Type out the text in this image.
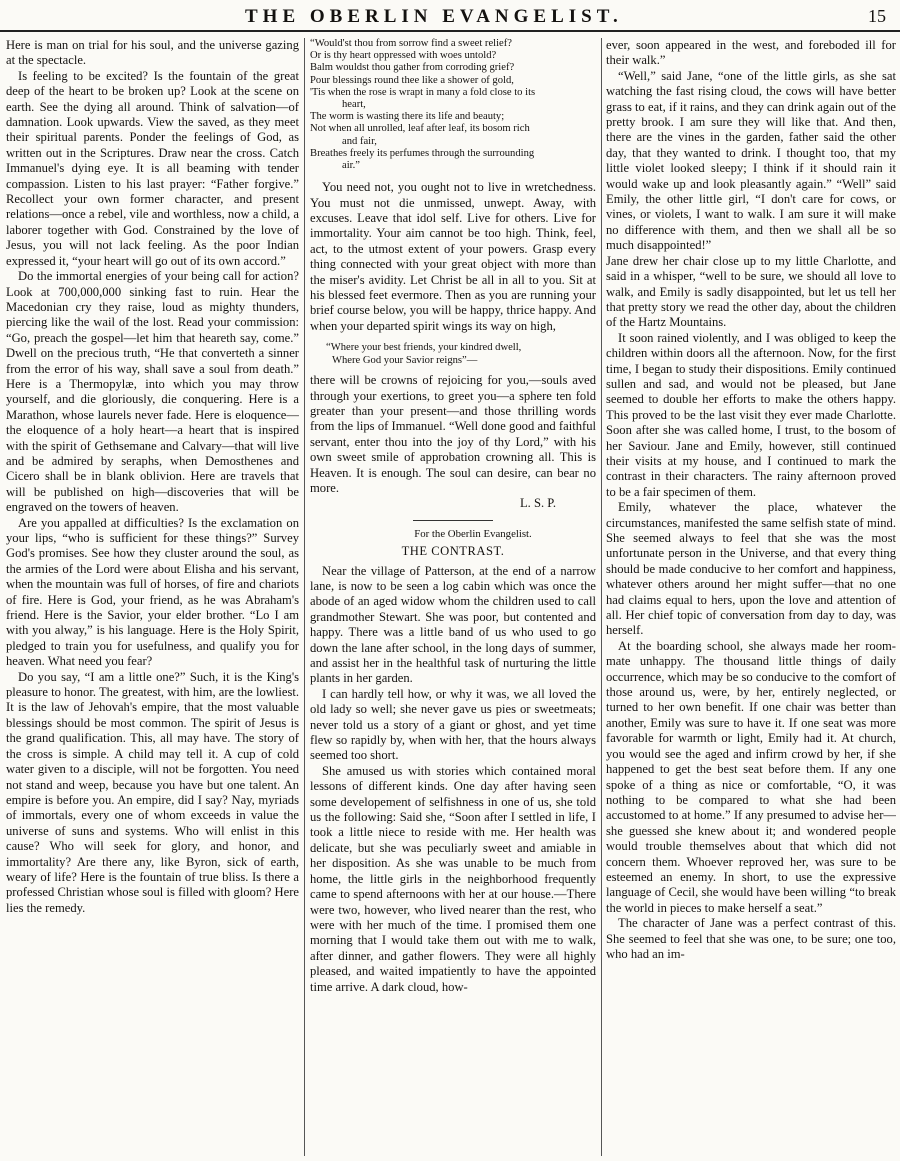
THE OBERLIN EVANGELIST.	15

Here is man on trial for his soul, and the universe gazing at the spectacle.

Is feeling to be excited? Is the fountain of the great deep of the heart to be broken up? Look at the scene on earth. See the dying all around. Think of salvation—of damnation. Look upwards. View the saved, as they meet their spiritual parents. Ponder the feelings of God, as written out in the Scriptures. Draw near the cross. Catch Immanuel's dying eye. It is all beaming with tender compassion. Listen to his last prayer: “Father forgive.” Recollect your own former character, and present relations—once a rebel, vile and worthless, now a child, a laborer together with God. Constrained by the love of Jesus, you will not lack feeling. As the poor Indian expressed it, “your heart will go out of its own accord.”

Do the immortal energies of your being call for action? Look at 700,000,000 sinking fast to ruin. Hear the Macedonian cry they raise, loud as mighty thunders, piercing like the wail of the lost. Read your commission: “Go, preach the gospel—let him that heareth say, come.” Dwell on the precious truth, “He that converteth a sinner from the error of his way, shall save a soul from death.” Here is a Thermopylæ, into which you may throw yourself, and die gloriously, die conquering. Here is a Marathon, whose laurels never fade. Here is eloquence—the eloquence of a holy heart—a heart that is inspired with the spirit of Gethsemane and Calvary—that will live and be admired by seraphs, when Demosthenes and Cicero shall be in blank oblivion. Here are travels that will be published on high—discoveries that will be engraved on the towers of heaven.

Are you appalled at difficulties? Is the exclamation on your lips, “who is sufficient for these things?” Survey God's promises. See how they cluster around the soul, as the armies of the Lord were about Elisha and his servant, when the mountain was full of horses, of fire and chariots of fire. Here is God, your friend, as he was Abraham's friend. Here is the Savior, your elder brother. “Lo I am with you alway,” is his language. Here is the Holy Spirit, pledged to train you for usefulness, and qualify you for heaven. What need you fear?

Do you say, “I am a little one?” Such, it is the King's pleasure to honor. The greatest, with him, are the lowliest. It is the law of Jehovah's empire, that the most valuable blessings should be most common. The spirit of Jesus is the grand qualification. This, all may have. The story of the cross is simple. A child may tell it. A cup of cold water given to a disciple, will not be forgotten. You need not stand and weep, because you have but one talent. An empire is before you. An empire, did I say? Nay, myriads of immortals, every one of whom exceeds in value the universe of suns and systems. Who will enlist in this cause? Who will seek for glory, and honor, and immortality? Are there any, like Byron, sick of earth, weary of life? Here is the fountain of true bliss. Is there a professed Christian whose soul is filled with gloom? Here lies the remedy.

“Would'st thou from sorrow find a sweet relief?
Or is thy heart oppressed with woes untold?
Balm wouldst thou gather from corroding grief?
Pour blessings round thee like a shower of gold,
'Tis when the rose is wrapt in many a fold close to its
heart,
The worm is wasting there its life and beauty;
Not when all unrolled, leaf after leaf, its bosom rich
and fair,
Breathes freely its perfumes through the surrounding
air.”

You need not, you ought not to live in wretchedness. You must not die unmissed, unwept. Away, with excuses. Leave that idol self. Live for others. Live for immortality. Your aim cannot be too high. Think, feel, act, to the utmost extent of your powers. Grasp every thing connected with your great object with more than the miser's avidity. Let Christ be all in all to you. Sit at his blessed feet evermore. Then as you are running your brief course below, you will be happy, thrice happy. And when your departed spirit wings its way on high,

“Where your best friends, your kindred dwell,
Where God your Savior reigns”—

there will be crowns of rejoicing for you,—souls aved through your exertions, to greet you—a sphere ten fold greater than your present—and those thrilling words from the lips of Immanuel. “Well done good and faithful servant, enter thou into the joy of thy Lord,” with his own sweet smile of approbation crowning all. This is Heaven. It is enough. The soul can desire, can bear no more.

L. S. P.

For the Oberlin Evangelist.
THE CONTRAST.

Near the village of Patterson, at the end of a narrow lane, is now to be seen a log cabin which was once the abode of an aged widow whom the children used to call grandmother Stewart. She was poor, but contented and happy. There was a little band of us who used to go down the lane after school, in the long days of summer, and assist her in the healthful task of nurturing the little plants in her garden.

I can hardly tell how, or why it was, we all loved the old lady so well; she never gave us pies or sweetmeats; never told us a story of a giant or ghost, and yet time flew so rapidly by, when with her, that the hours always seemed too short.

She amused us with stories which contained moral lessons of different kinds. One day after having seen some developement of selfishness in one of us, she told us the following: Said she, “Soon after I settled in life, I took a little niece to reside with me. Her health was delicate, but she was peculiarly sweet and amiable in her disposition. As she was unable to be much from home, the little girls in the neighborhood frequently came to spend afternoons with her at our house.—There were two, however, who lived nearer than the rest, who were with her much of the time. I promised them one morning that I would take them out with me to walk, after dinner, and gather flowers. They were all highly pleased, and waited impatiently to have the appointed time arrive. A dark cloud, how-

ever, soon appeared in the west, and foreboded ill for their walk.”

“Well,” said Jane, “one of the little girls, as she sat watching the fast rising cloud, the cows will have better grass to eat, if it rains, and they can drink again out of the pretty brook. I am sure they will like that. And then, there are the vines in the garden, father said the other day, that they wanted to drink. I thought too, that my little violet looked sleepy; I think if it should rain it would wake up and look pleasantly again.” “Well” said Emily, the other little girl, “I don't care for cows, or vines, or violets, I want to walk. I am sure it will make no difference with them, and then we shall all be so much disappointed!”

Jane drew her chair close up to my little Charlotte, and said in a whisper, “well to be sure, we should all love to walk, and Emily is sadly disappointed, but let us tell her that pretty story we read the other day, about the children of the Hartz Mountains.

It soon rained violently, and I was obliged to keep the children within doors all the afternoon. Now, for the first time, I began to study their dispositions. Emily continued sullen and sad, and would not be pleased, but Jane seemed to double her efforts to make the others happy. This proved to be the last visit they ever made Charlotte. Soon after she was called home, I trust, to the bosom of her Saviour. Jane and Emily, however, still continued their visits at my house, and I continued to mark the contrast in their characters. The rainy afternoon proved to be a fair specimen of them.

Emily, whatever the place, whatever the circumstances, manifested the same selfish state of mind. She seemed always to feel that she was the most unfortunate person in the Universe, and that every thing should be made conducive to her comfort and happiness, whatever others around her might suffer—that no one had claims equal to hers, upon the love and attention of all. Her chief topic of conversation from day to day, was herself.

At the boarding school, she always made her room-mate unhappy. The thousand little things of daily occurrence, which may be so conducive to the comfort of those around us, were, by her, entirely neglected, or turned to her own benefit. If one chair was better than another, Emily was sure to have it. If one seat was more favorable for warmth or light, Emily had it. At church, you would see the aged and infirm crowd by her, if she happened to get the best seat before them. If any one spoke of a thing as nice or comfortable, “O, it was nothing to be compared to what she had been accustomed to at home.” If any presumed to advise her—she guessed she knew about it; and wondered people would trouble themselves about that which did not concern them. Whoever reproved her, was sure to be esteemed an enemy. In short, to use the expressive language of Cecil, she would have been willing “to break the world in pieces to make herself a seat.”

The character of Jane was a perfect contrast of this. She seemed to feel that she was one, to be sure; one too, who had an im-
